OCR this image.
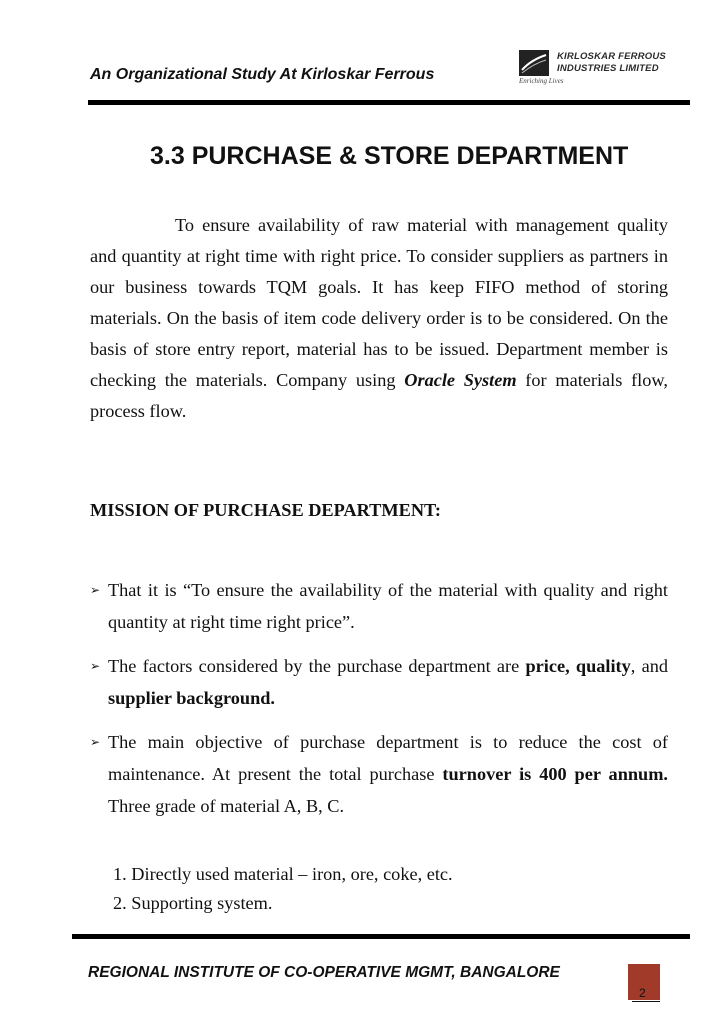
An Organizational Study At Kirloskar Ferrous
KIRLOSKAR FERROUS
INDUSTRIES LIMITED
Enriching Lives
3.3 PURCHASE & STORE DEPARTMENT

To ensure availability of raw material with management quality and quantity at right time with right price. To consider suppliers as partners in our business towards TQM goals. It has keep FIFO method of storing materials. On the basis of item code delivery order is to be considered. On the basis of store entry report, material has to be issued. Department member is checking the materials. Company using Oracle System for materials flow, process flow.

MISSION OF PURCHASE DEPARTMENT:

➢ That it is “To ensure the availability of the material with quality and right quantity at right time right price”.
➢ The factors considered by the purchase department are price, quality, and supplier background.
➢ The main objective of purchase department is to reduce the cost of maintenance. At present the total purchase turnover is 400 per annum. Three grade of material A, B, C.
1. Directly used material – iron, ore, coke, etc.
2. Supporting system.
REGIONAL INSTITUTE OF CO-OPERATIVE MGMT, BANGALORE
2
